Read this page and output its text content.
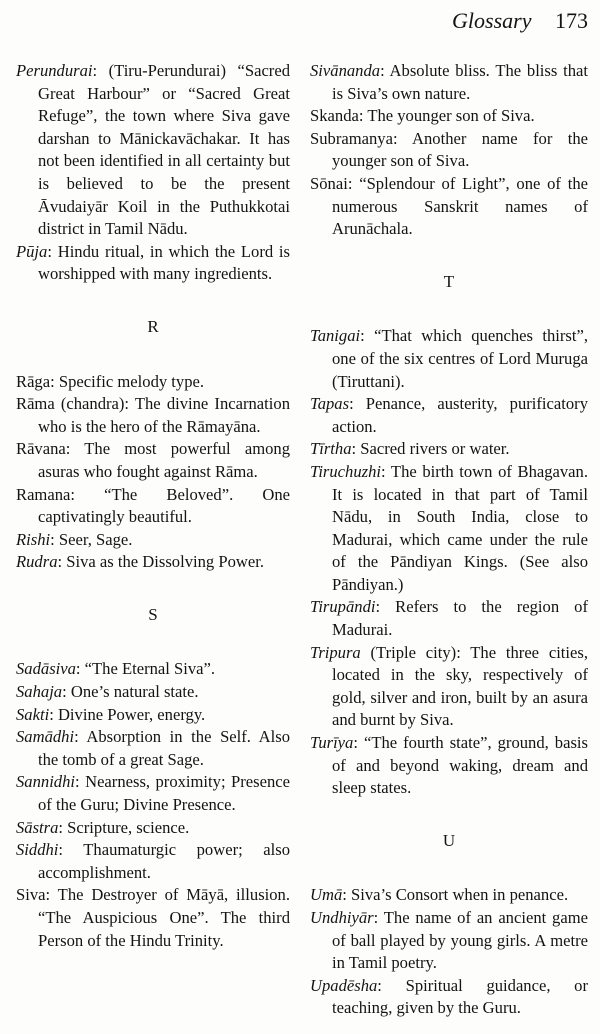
Glossary 173

Perundurai: (Tiru-Perundurai) “Sacred Great Harbour” or “Sacred Great Refuge”, the town where Siva gave darshan to Mānickavāchakar. It has not been identified in all certainty but is believed to be the present Āvudaiyār Koil in the Puthukkotai district in Tamil Nādu.

Pūja: Hindu ritual, in which the Lord is worshipped with many ingredients.

R

Rāga: Specific melody type.

Rāma (chandra): The divine Incarnation who is the hero of the Rāmayāna.

Rāvana: The most powerful among asuras who fought against Rāma.

Ramana: “The Beloved”. One captivatingly beautiful.

Rishi: Seer, Sage.

Rudra: Siva as the Dissolving Power.

S

Sadāsiva: “The Eternal Siva”.

Sahaja: One’s natural state.

Sakti: Divine Power, energy.

Samādhi: Absorption in the Self. Also the tomb of a great Sage.

Sannidhi: Nearness, proximity; Presence of the Guru; Divine Presence.

Sāstra: Scripture, science.

Siddhi: Thaumaturgic power; also accomplishment.

Siva: The Destroyer of Māyā, illusion. “The Auspicious One”. The third Person of the Hindu Trinity.

Sivānanda: Absolute bliss. The bliss that is Siva’s own nature.

Skanda: The younger son of Siva.

Subramanya: Another name for the younger son of Siva.

Sōnai: “Splendour of Light”, one of the numerous Sanskrit names of Arunāchala.

T

Tanigai: “That which quenches thirst”, one of the six centres of Lord Muruga (Tiruttani).

Tapas: Penance, austerity, purificatory action.

Tīrtha: Sacred rivers or water.

Tiruchuzhi: The birth town of Bhagavan. It is located in that part of Tamil Nādu, in South India, close to Madurai, which came under the rule of the Pāndiyan Kings. (See also Pāndiyan.)

Tirupāndi: Refers to the region of Madurai.

Tripura (Triple city): The three cities, located in the sky, respectively of gold, silver and iron, built by an asura and burnt by Siva.

Turīya: “The fourth state”, ground, basis of and beyond waking, dream and sleep states.

U

Umā: Siva’s Consort when in penance.

Undhiyār: The name of an ancient game of ball played by young girls. A metre in Tamil poetry.

Upadēsha: Spiritual guidance, or teaching, given by the Guru.
